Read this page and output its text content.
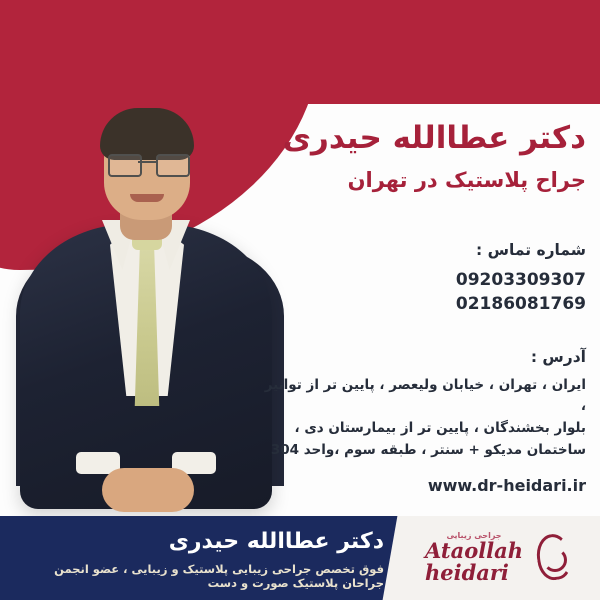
دکتر عطاالله حیدری
جراح پلاستیک در تهران
شماره تماس :
09203309307
02186081769
آدرس :
ایران ، تهران ، خیابان ولیعصر ، پایین تر از توانیر ،
بلوار بخشندگان ، پایین تر از بیمارستان دی ،
ساختمان مدیکو + سنتر ، طبقه سوم ،واحد 304
www.dr-heidari.ir
دکتر عطاالله حیدری
فوق تخصص جراحی زیبایی پلاستیک و زیبایی ، عضو انجمن جراحان پلاستیک صورت و دست
جراحی زیبایی
Ataollah
heidari
